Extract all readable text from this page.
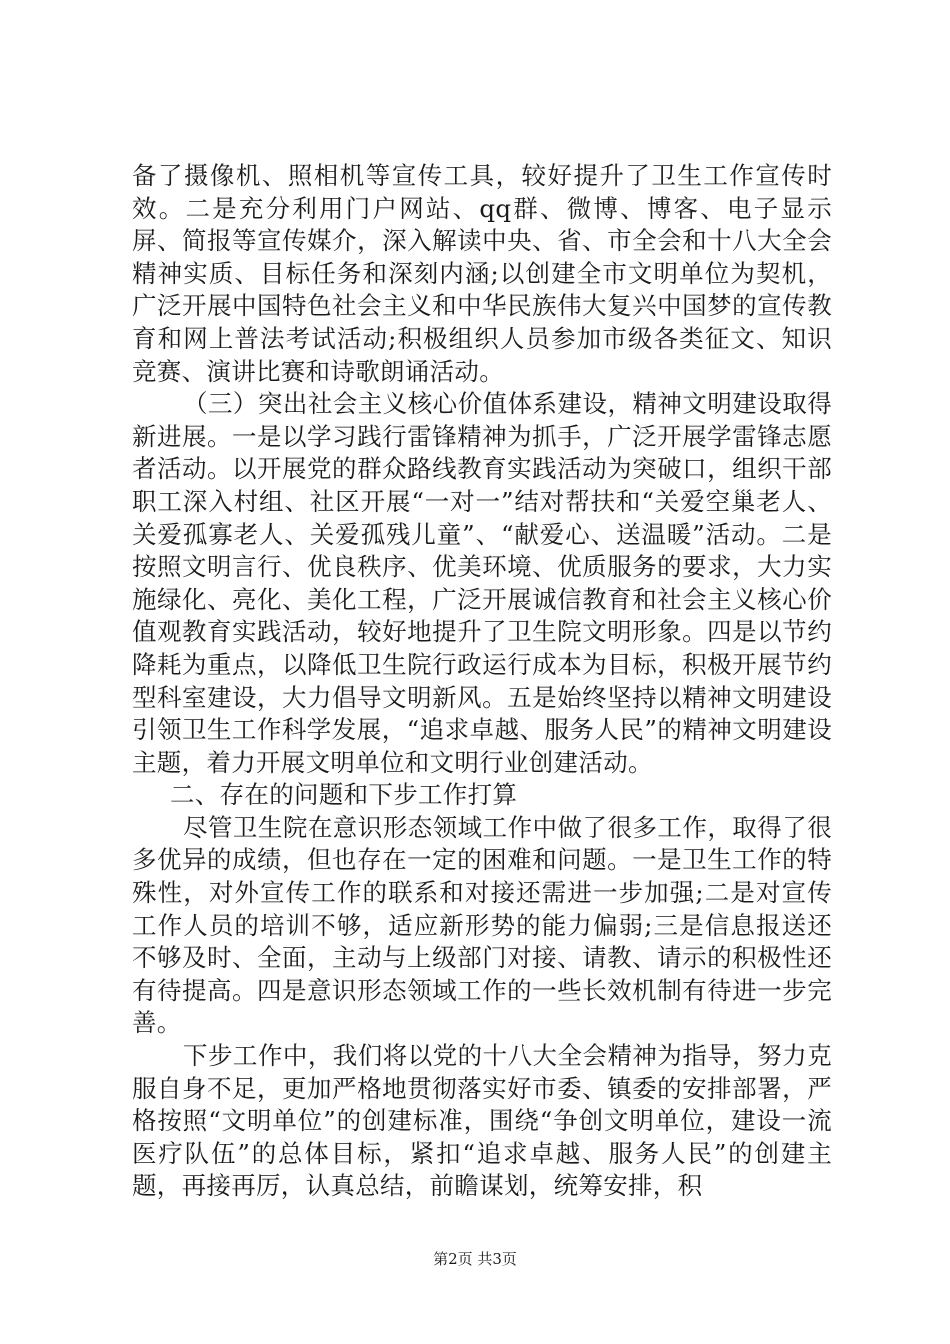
备了摄像机、照相机等宣传工具，较好提升了卫生工作宣传时效。二是充分利用门户网站、qq群、微博、博客、电子显示屏、简报等宣传媒介，深入解读中央、省、市全会和十八大全会精神实质、目标任务和深刻内涵;以创建全市文明单位为契机，广泛开展中国特色社会主义和中华民族伟大复兴中国梦的宣传教育和网上普法考试活动;积极组织人员参加市级各类征文、知识竞赛、演讲比赛和诗歌朗诵活动。

（三）突出社会主义核心价值体系建设，精神文明建设取得新进展。一是以学习践行雷锋精神为抓手，广泛开展学雷锋志愿者活动。以开展党的群众路线教育实践活动为突破口，组织干部职工深入村组、社区开展“一对一”结对帮扶和“关爱空巢老人、关爱孤寡老人、关爱孤残儿童”、“献爱心、送温暖”活动。二是按照文明言行、优良秩序、优美环境、优质服务的要求，大力实施绿化、亮化、美化工程，广泛开展诚信教育和社会主义核心价值观教育实践活动，较好地提升了卫生院文明形象。四是以节约降耗为重点，以降低卫生院行政运行成本为目标，积极开展节约型科室建设，大力倡导文明新风。五是始终坚持以精神文明建设引领卫生工作科学发展，“追求卓越、服务人民”的精神文明建设主题，着力开展文明单位和文明行业创建活动。

二、存在的问题和下步工作打算

尽管卫生院在意识形态领域工作中做了很多工作，取得了很多优异的成绩，但也存在一定的困难和问题。一是卫生工作的特殊性，对外宣传工作的联系和对接还需进一步加强;二是对宣传工作人员的培训不够，适应新形势的能力偏弱;三是信息报送还不够及时、全面，主动与上级部门对接、请教、请示的积极性还有待提高。四是意识形态领域工作的一些长效机制有待进一步完善。

下步工作中，我们将以党的十八大全会精神为指导，努力克服自身不足，更加严格地贯彻落实好市委、镇委的安排部署，严格按照“文明单位”的创建标准，围绕“争创文明单位，建设一流医疗队伍”的总体目标，紧扣“追求卓越、服务人民”的创建主题，再接再厉，认真总结，前瞻谋划，统筹安排，积

第2页 共3页
